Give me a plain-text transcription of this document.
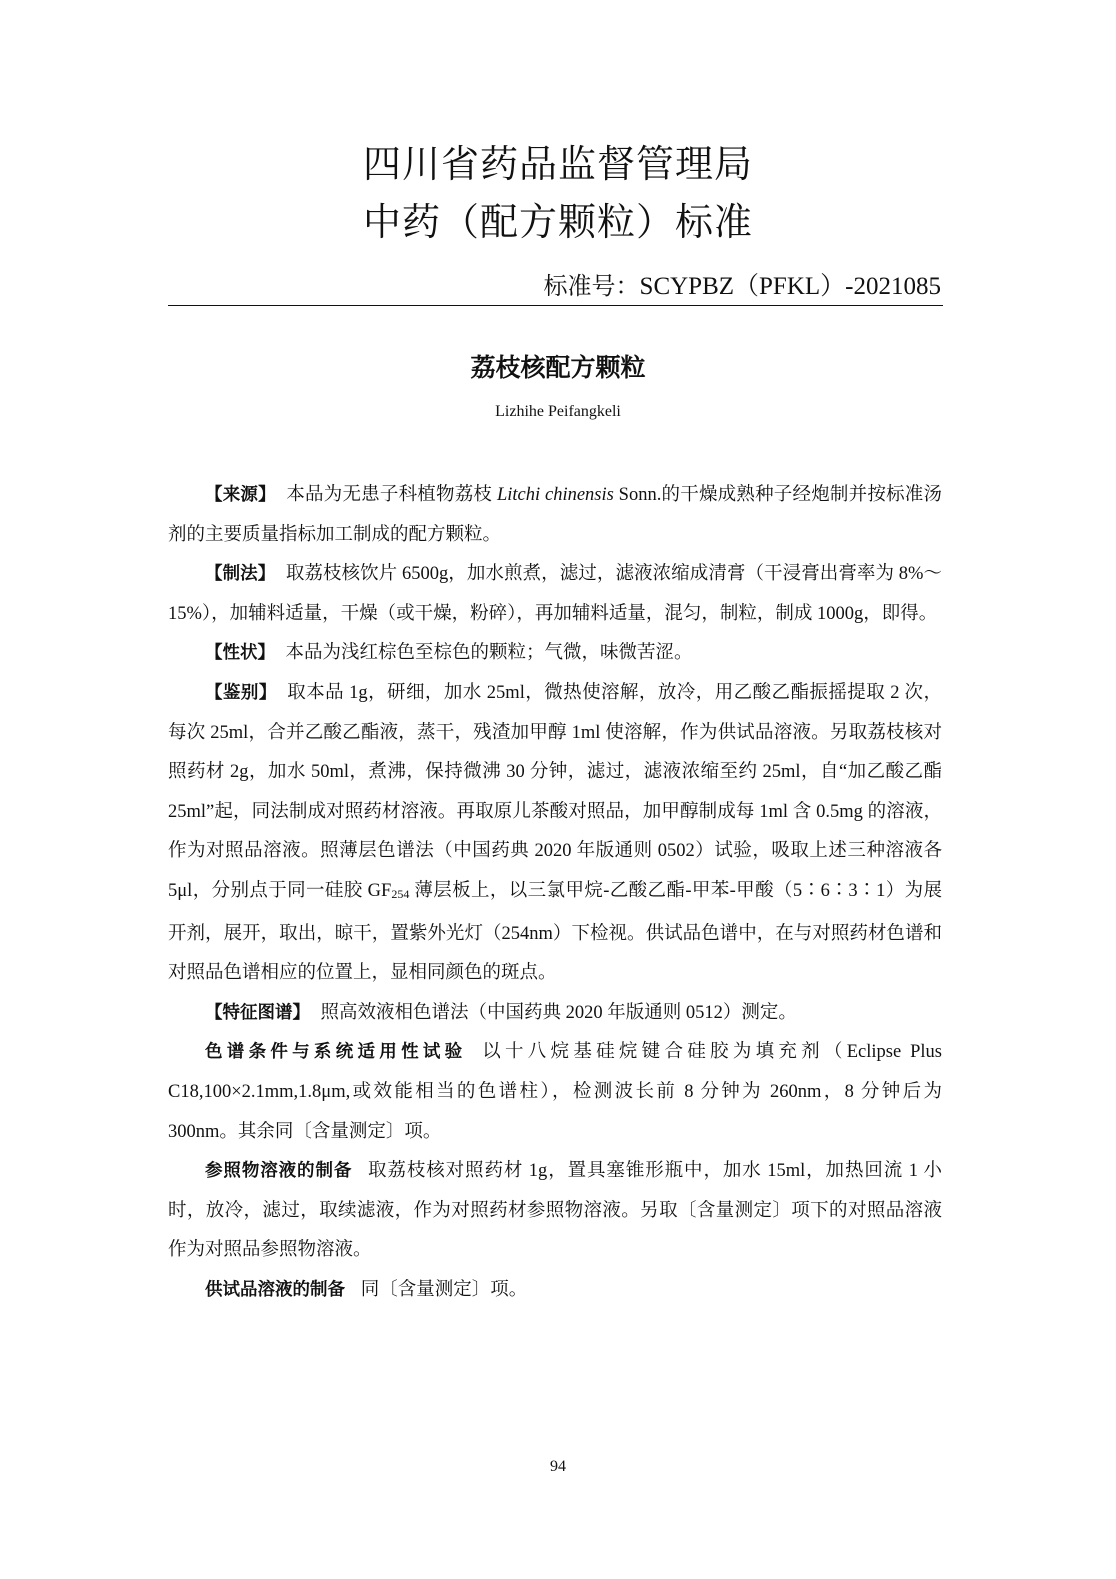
四川省药品监督管理局
中药（配方颗粒）标准
标准号：SCYPBZ（PFKL）-2021085
荔枝核配方颗粒
Lizhihe Peifangkeli

【来源】 本品为无患子科植物荔枝 Litchi chinensis Sonn.的干燥成熟种子经炮制并按标准汤剂的主要质量指标加工制成的配方颗粒。

【制法】 取荔枝核饮片 6500g，加水煎煮，滤过，滤液浓缩成清膏（干浸膏出膏率为 8%～15%），加辅料适量，干燥（或干燥，粉碎），再加辅料适量，混匀，制粒，制成 1000g，即得。

【性状】 本品为浅红棕色至棕色的颗粒；气微，味微苦涩。

【鉴别】 取本品 1g，研细，加水 25ml，微热使溶解，放冷，用乙酸乙酯振摇提取 2 次，每次 25ml，合并乙酸乙酯液，蒸干，残渣加甲醇 1ml 使溶解，作为供试品溶液。另取荔枝核对照药材 2g，加水 50ml，煮沸，保持微沸 30 分钟，滤过，滤液浓缩至约 25ml，自“加乙酸乙酯 25ml”起，同法制成对照药材溶液。再取原儿茶酸对照品，加甲醇制成每 1ml 含 0.5mg 的溶液，作为对照品溶液。照薄层色谱法（中国药典 2020 年版通则 0502）试验，吸取上述三种溶液各 5μl，分别点于同一硅胶 $GF_{254}$ 薄层板上，以三氯甲烷-乙酸乙酯-甲苯-甲酸（5∶6∶3∶1）为展开剂，展开，取出，晾干，置紫外光灯（254nm）下检视。供试品色谱中，在与对照药材色谱和对照品色谱相应的位置上，显相同颜色的斑点。

【特征图谱】 照高效液相色谱法（中国药典 2020 年版通则 0512）测定。

色谱条件与系统适用性试验 以十八烷基硅烷键合硅胶为填充剂（Eclipse Plus C18,100×2.1mm,1.8μm,或效能相当的色谱柱），检测波长前 8 分钟为 260nm，8 分钟后为 300nm。其余同〔含量测定〕项。

参照物溶液的制备 取荔枝核对照药材 1g，置具塞锥形瓶中，加水 15ml，加热回流 1 小时，放冷，滤过，取续滤液，作为对照药材参照物溶液。另取〔含量测定〕项下的对照品溶液作为对照品参照物溶液。

供试品溶液的制备 同〔含量测定〕项。

94
